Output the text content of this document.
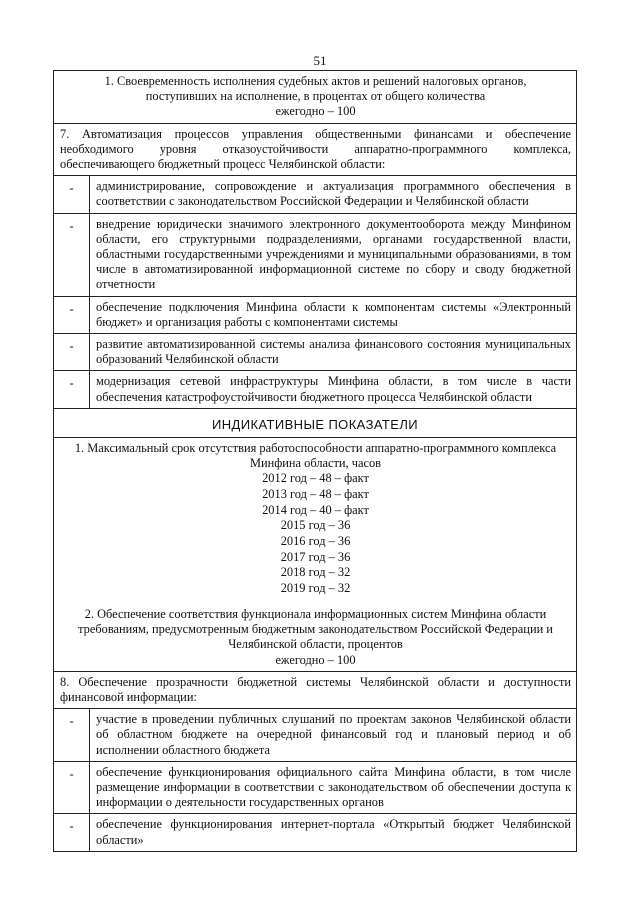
51
1. Своевременность исполнения судебных актов и решений налоговых органов,
поступивших на исполнение, в процентах от общего количества
ежегодно – 100
7. Автоматизация процессов управления общественными финансами и обеспечение необходимого уровня отказоустойчивости аппаратно-программного комплекса, обеспечивающего бюджетный процесс Челябинской области:
-	администрирование, сопровождение и актуализация программного обеспечения в соответствии с законодательством Российской Федерации и Челябинской области
-	внедрение юридически значимого электронного документооборота между Минфином области, его структурными подразделениями, органами государственной власти, областными государственными учреждениями и муниципальными образованиями, в том числе в автоматизированной информационной системе по сбору и своду бюджетной отчетности
-	обеспечение подключения Минфина области к компонентам системы «Электронный бюджет» и организация работы с компонентами системы
-	развитие автоматизированной системы анализа финансового состояния муниципальных образований Челябинской области
-	модернизация сетевой инфраструктуры Минфина области, в том числе в части обеспечения катастрофоустойчивости бюджетного процесса Челябинской области
ИНДИКАТИВНЫЕ ПОКАЗАТЕЛИ
1. Максимальный срок отсутствия работоспособности аппаратно-программного комплекса
Минфина области, часов
2012 год – 48 – факт
2013 год – 48 – факт
2014 год – 40 – факт
2015 год – 36
2016 год – 36
2017 год – 36
2018 год – 32
2019 год – 32
2. Обеспечение соответствия функционала информационных систем Минфина области
требованиям, предусмотренным бюджетным законодательством Российской Федерации и
Челябинской области, процентов
ежегодно – 100
8. Обеспечение прозрачности бюджетной системы Челябинской области и доступности финансовой информации:
-	участие в проведении публичных слушаний по проектам законов Челябинской области об областном бюджете на очередной финансовый год и плановый период и об исполнении областного бюджета
-	обеспечение функционирования официального сайта Минфина области, в том числе размещение информации в соответствии с законодательством об обеспечении доступа к информации о деятельности государственных органов
-	обеспечение функционирования интернет-портала «Открытый бюджет Челябинской области»
